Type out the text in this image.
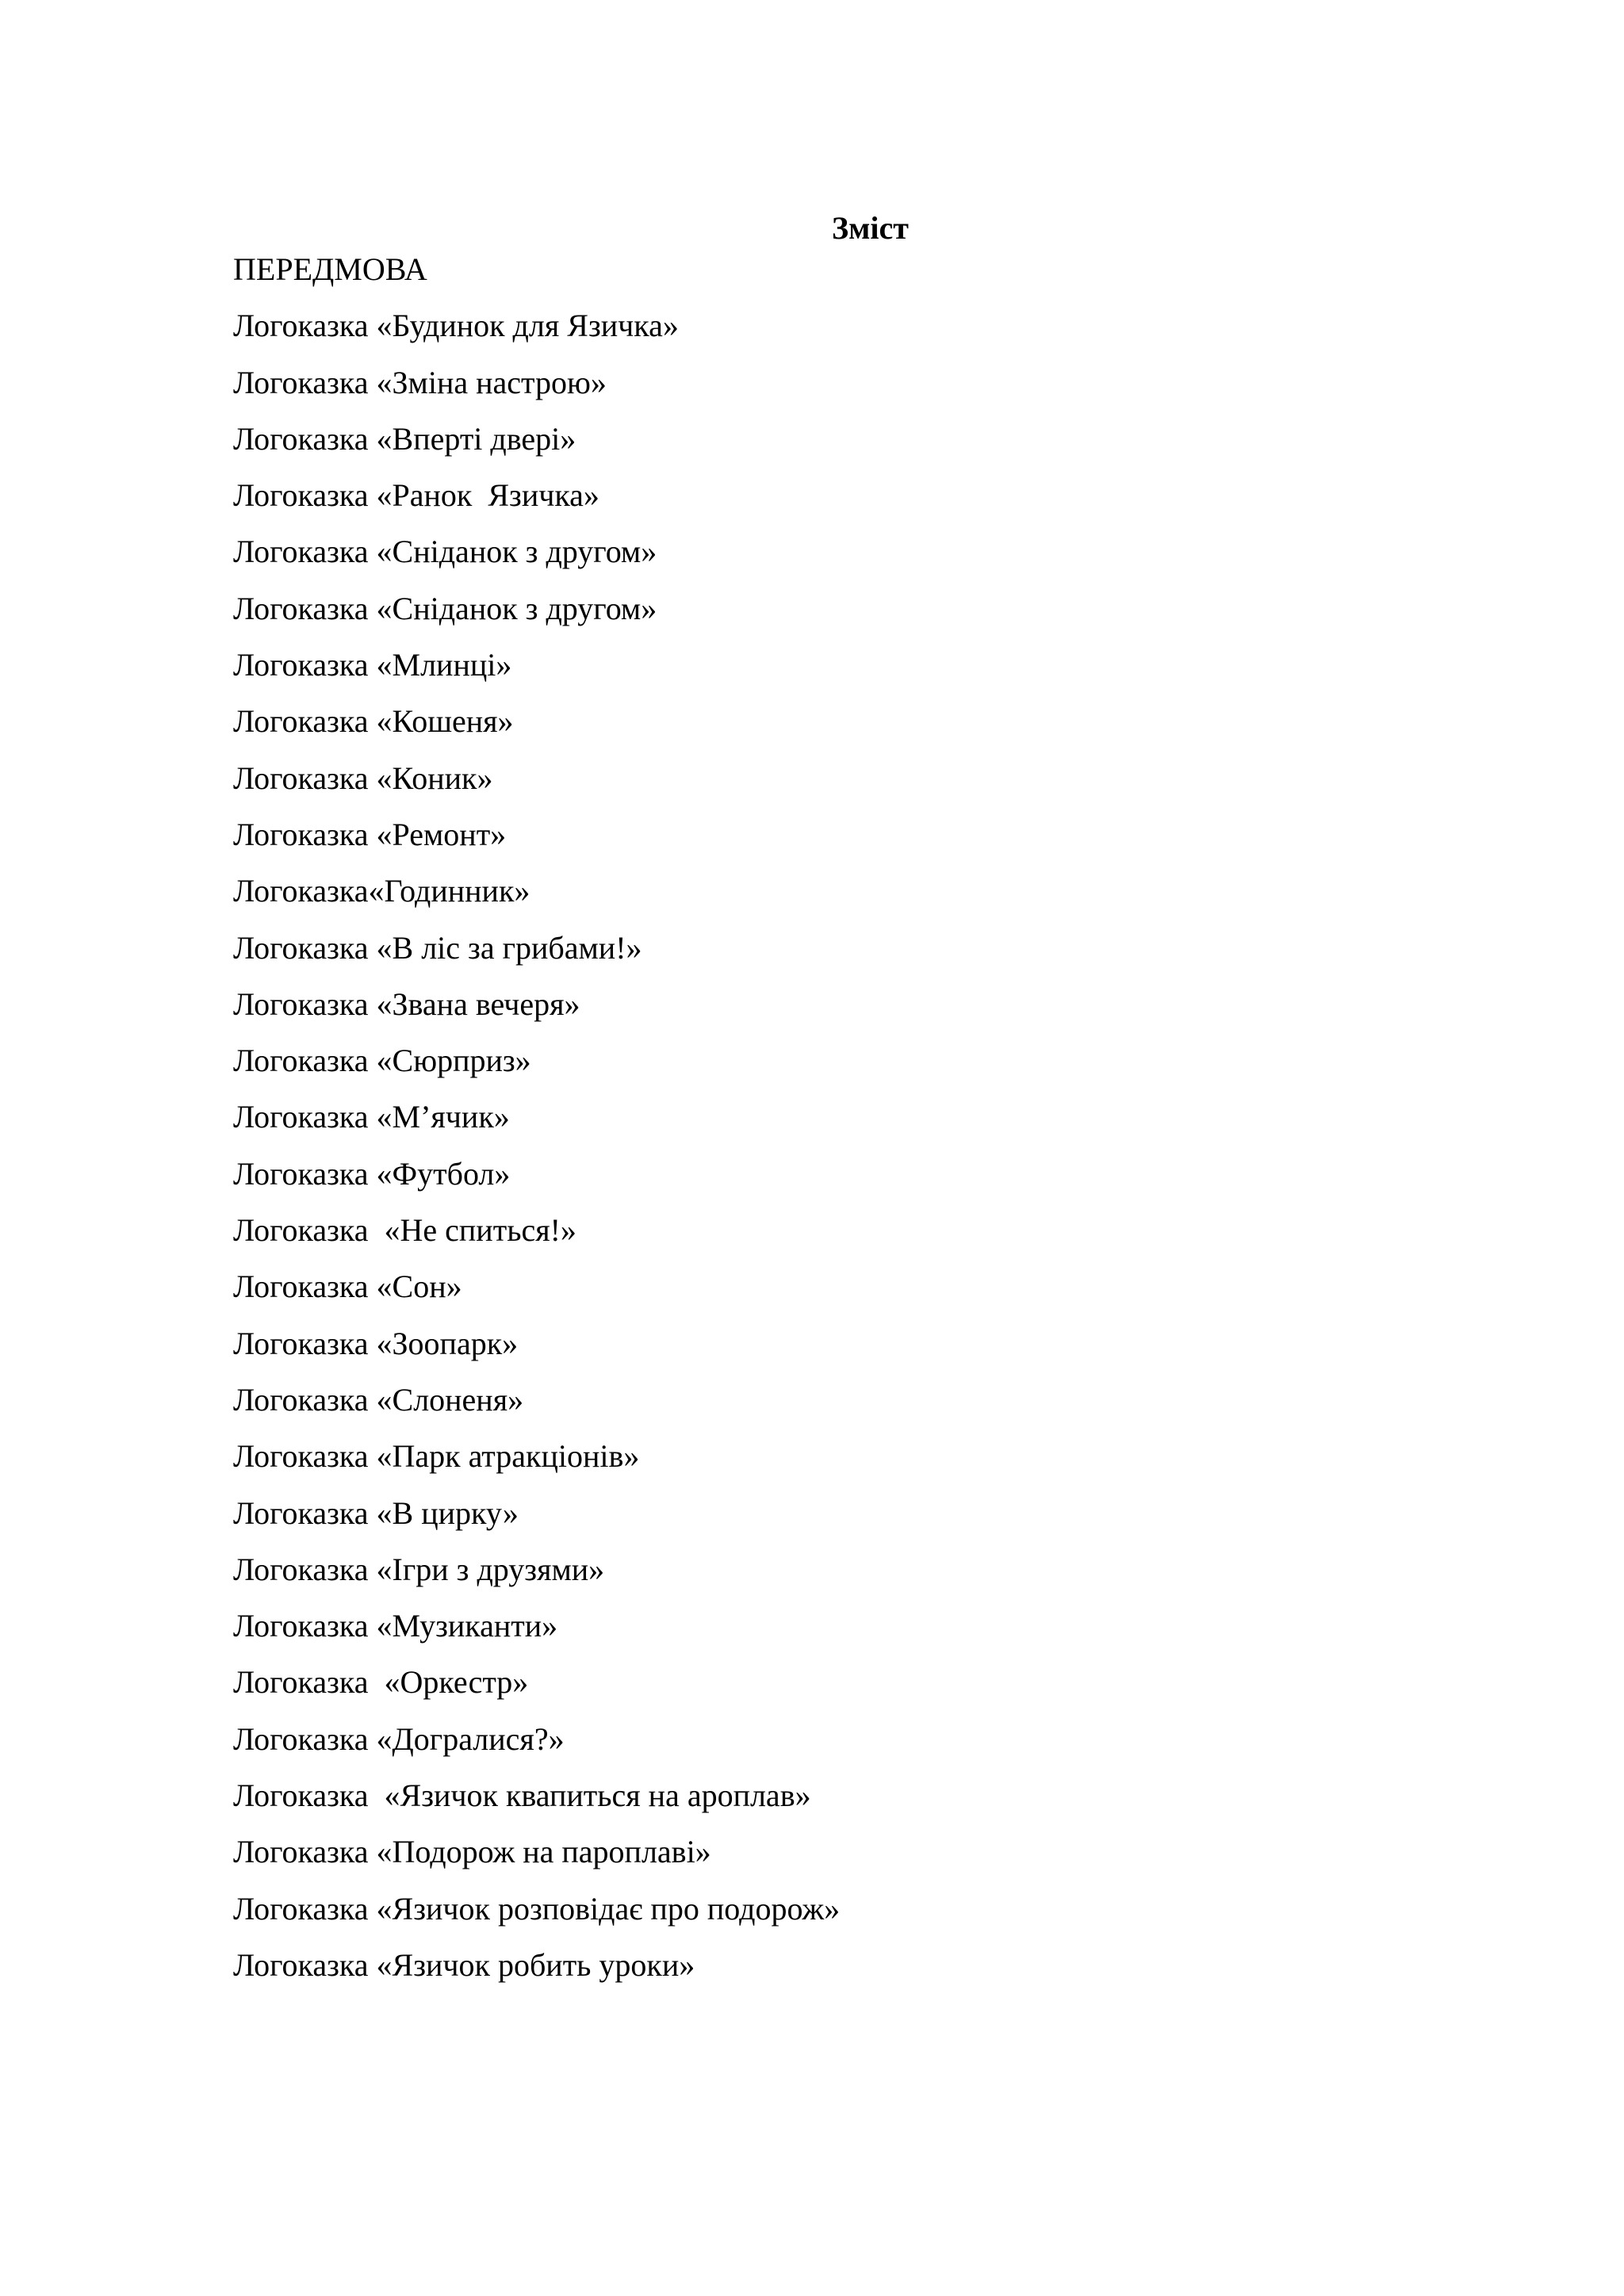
Зміст
ПЕРЕДМОВА
Логоказка «Будинок для Язичка»
Логоказка «Зміна настрою»
Логоказка «Вперті двері»
Логоказка «Ранок  Язичка»
Логоказка «Сніданок з другом»
Логоказка «Сніданок з другом»
Логоказка «Млинці»
Логоказка «Кошеня»
Логоказка «Коник»
Логоказка «Ремонт»
Логоказка«Годинник»
Логоказка «В ліс за грибами!»
Логоказка «Звана вечеря»
Логоказка «Сюрприз»
Логоказка «М’ячик»
Логоказка «Футбол»
Логоказка  «Не спиться!»
Логоказка «Сон»
Логоказка «Зоопарк»
Логоказка «Слоненя»
Логоказка «Парк атракціонів»
Логоказка «В цирку»
Логоказка «Ігри з друзями»
Логоказка «Музиканти»
Логоказка  «Оркестр»
Логоказка «Догралися?»
Логоказка  «Язичок квапиться на ароплав»
Логоказка «Подорож на пароплаві»
Логоказка «Язичок розповідає про подорож»
Логоказка «Язичок робить уроки»
